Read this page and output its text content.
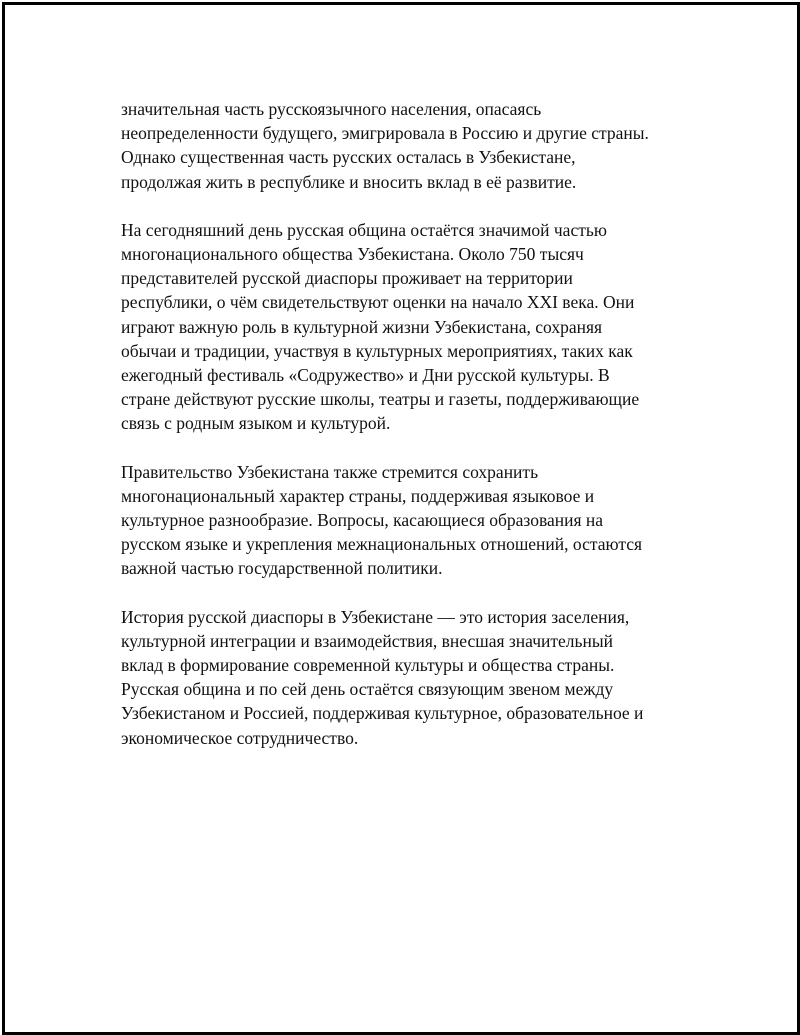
значительная часть русскоязычного населения, опасаясь
неопределенности будущего, эмигрировала в Россию и другие страны.
Однако существенная часть русских осталась в Узбекистане,
продолжая жить в республике и вносить вклад в её развитие.

На сегодняшний день русская община остаётся значимой частью
многонационального общества Узбекистана. Около 750 тысяч
представителей русской диаспоры проживает на территории
республики, о чём свидетельствуют оценки на начало XXI века. Они
играют важную роль в культурной жизни Узбекистана, сохраняя
обычаи и традиции, участвуя в культурных мероприятиях, таких как
ежегодный фестиваль «Содружество» и Дни русской культуры. В
стране действуют русские школы, театры и газеты, поддерживающие
связь с родным языком и культурой.

Правительство Узбекистана также стремится сохранить
многонациональный характер страны, поддерживая языковое и
культурное разнообразие. Вопросы, касающиеся образования на
русском языке и укрепления межнациональных отношений, остаются
важной частью государственной политики.

История русской диаспоры в Узбекистане — это история заселения,
культурной интеграции и взаимодействия, внесшая значительный
вклад в формирование современной культуры и общества страны.
Русская община и по сей день остаётся связующим звеном между
Узбекистаном и Россией, поддерживая культурное, образовательное и
экономическое сотрудничество.
